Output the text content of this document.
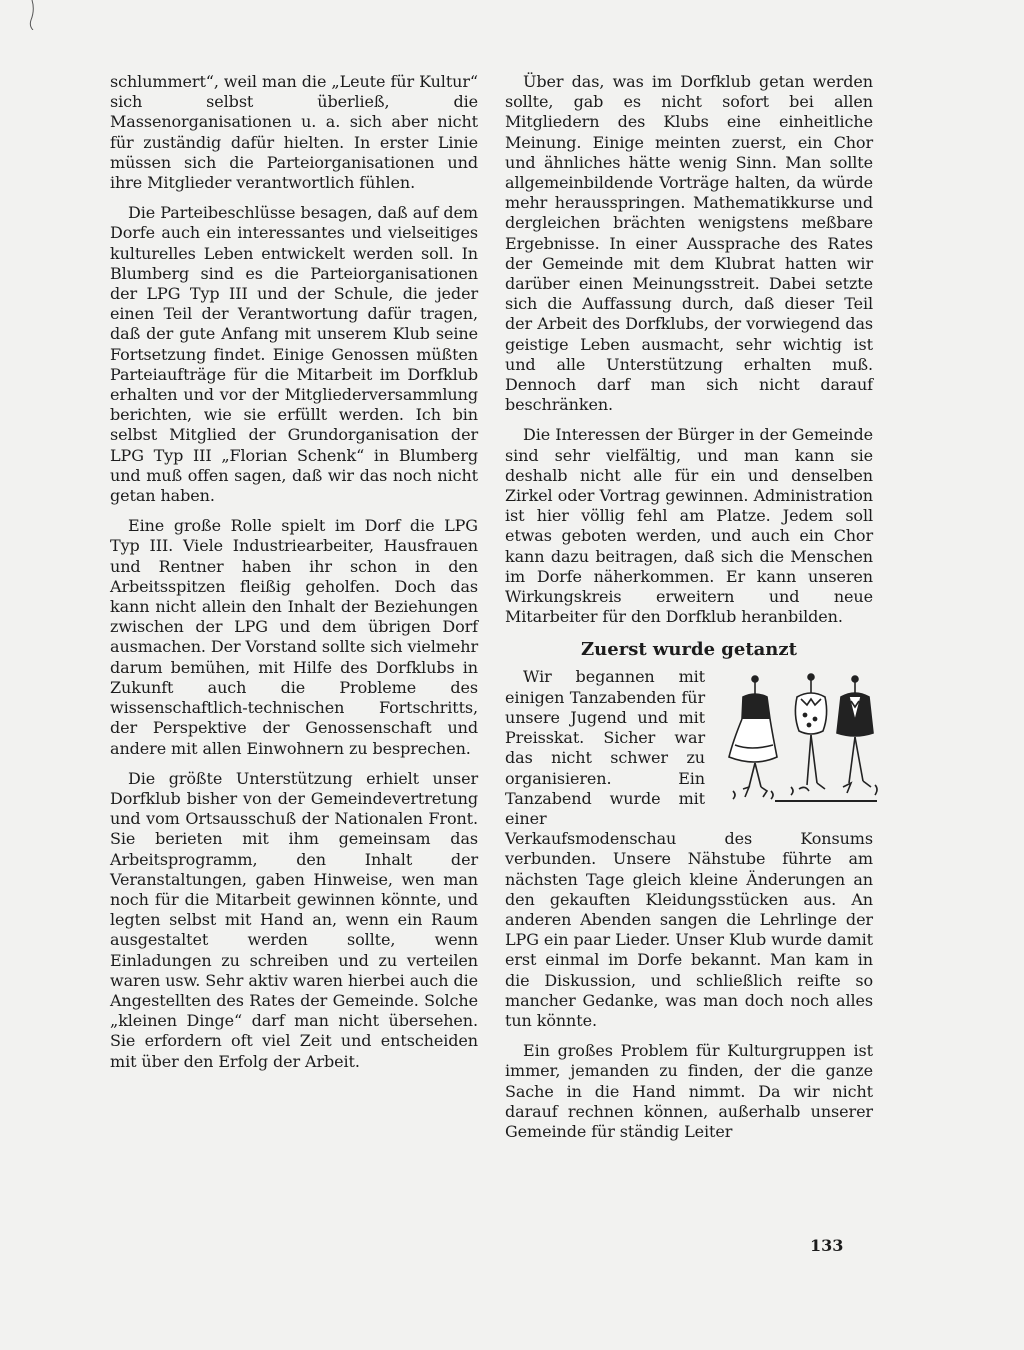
schlummert“, weil man die „Leute für Kultur“ sich selbst überließ, die Massenorganisationen u. a. sich aber nicht für zuständig dafür hielten. In erster Linie müssen sich die Parteiorganisationen und ihre Mitglieder verantwortlich fühlen.

Die Parteibeschlüsse besagen, daß auf dem Dorfe auch ein interessantes und vielseitiges kulturelles Leben entwickelt werden soll. In Blumberg sind es die Parteiorganisationen der LPG Typ III und der Schule, die jeder einen Teil der Verantwortung dafür tragen, daß der gute Anfang mit unserem Klub seine Fortsetzung findet. Einige Genossen müßten Parteiaufträge für die Mitarbeit im Dorfklub erhalten und vor der Mitgliederversammlung berichten, wie sie erfüllt werden. Ich bin selbst Mitglied der Grundorganisation der LPG Typ III „Florian Schenk“ in Blumberg und muß offen sagen, daß wir das noch nicht getan haben.

Eine große Rolle spielt im Dorf die LPG Typ III. Viele Industriearbeiter, Hausfrauen und Rentner haben ihr schon in den Arbeitsspitzen fleißig geholfen. Doch das kann nicht allein den Inhalt der Beziehungen zwischen der LPG und dem übrigen Dorf ausmachen. Der Vorstand sollte sich vielmehr darum bemühen, mit Hilfe des Dorfklubs in Zukunft auch die Probleme des wissenschaftlich-technischen Fortschritts, der Perspektive der Genossenschaft und andere mit allen Einwohnern zu besprechen.

Die größte Unterstützung erhielt unser Dorfklub bisher von der Gemeindevertretung und vom Ortsausschuß der Nationalen Front. Sie berieten mit ihm gemeinsam das Arbeitsprogramm, den Inhalt der Veranstaltungen, gaben Hinweise, wen man noch für die Mitarbeit gewinnen könnte, und legten selbst mit Hand an, wenn ein Raum ausgestaltet werden sollte, wenn Einladungen zu schreiben und zu verteilen waren usw. Sehr aktiv waren hierbei auch die Angestellten des Rates der Gemeinde. Solche „kleinen Dinge“ darf man nicht übersehen. Sie erfordern oft viel Zeit und entscheiden mit über den Erfolg der Arbeit.

Über das, was im Dorfklub getan werden sollte, gab es nicht sofort bei allen Mitgliedern des Klubs eine einheitliche Meinung. Einige meinten zuerst, ein Chor und ähnliches hätte wenig Sinn. Man sollte allgemeinbildende Vorträge halten, da würde mehr herausspringen. Mathematikkurse und dergleichen brächten wenigstens meßbare Ergebnisse. In einer Aussprache des Rates der Gemeinde mit dem Klubrat hatten wir darüber einen Meinungsstreit. Dabei setzte sich die Auffassung durch, daß dieser Teil der Arbeit des Dorfklubs, der vorwiegend das geistige Leben ausmacht, sehr wichtig ist und alle Unterstützung erhalten muß. Dennoch darf man sich nicht darauf beschränken.

Die Interessen der Bürger in der Gemeinde sind sehr vielfältig, und man kann sie deshalb nicht alle für ein und denselben Zirkel oder Vortrag gewinnen. Administration ist hier völlig fehl am Platze. Jedem soll etwas geboten werden, und auch ein Chor kann dazu beitragen, daß sich die Menschen im Dorfe näherkommen. Er kann unseren Wirkungskreis erweitern und neue Mitarbeiter für den Dorfklub heranbilden.

Zuerst wurde getanzt

Wir begannen mit einigen Tanzabenden für unsere Jugend und mit Preisskat. Sicher war das nicht schwer zu organisieren. Ein Tanzabend wurde mit einer Verkaufsmodenschau des Konsums verbunden. Unsere Nähstube führte am nächsten Tage gleich kleine Änderungen an den gekauften Kleidungsstücken aus. An anderen Abenden sangen die Lehrlinge der LPG ein paar Lieder. Unser Klub wurde damit erst einmal im Dorfe bekannt. Man kam in die Diskussion, und schließlich reifte so mancher Gedanke, was man doch noch alles tun könnte.

Ein großes Problem für Kulturgruppen ist immer, jemanden zu finden, der die ganze Sache in die Hand nimmt. Da wir nicht darauf rechnen können, außerhalb unserer Gemeinde für ständig Leiter

133
